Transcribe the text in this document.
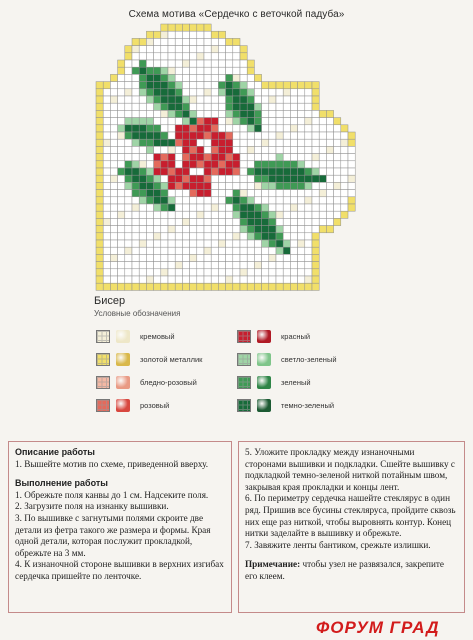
Схема мотива «Сердечко с веточкой падуба»
Бисер
Условные обозначения
кремовый
золотой металлик
бледно-розовый
розовый
красный
светло-зеленый
зеленый
темно-зеленый

Описание работы

1. Вышейте мотив по схеме, приведенной вверху.

Выполнение работы

1. Обрежьте поля канвы до 1 см. Надсеките поля.

2. Загрузите поля на изнанку вышивки.

3. По вышивке с загнутыми полями скроите две детали из фетра такого же размера и формы. Края одной детали, которая послужит прокладкой, обрежьте на 3 мм.

4. К изнаночной стороне вышивки в верхних изгибах сердечка пришейте по ленточке.

5. Уложите прокладку между изнаночными сторонами вышивки и подкладки. Сшейте вышивку с подкладкой темно-зеленой ниткой потайным швом, закрывая края прокладки и концы лент.

6. По периметру сердечка нашейте стеклярус в один ряд. Пришив все бусины стекляруса, пройдите сквозь них еще раз ниткой, чтобы выровнять контур. Конец нитки заделайте в вышивку и обрежьте.

7. Завяжите ленты бантиком, срежьте излишки.

Примечание: чтобы узел не развязался, закрепите его клеем.

ФОРУМ ГРАД
